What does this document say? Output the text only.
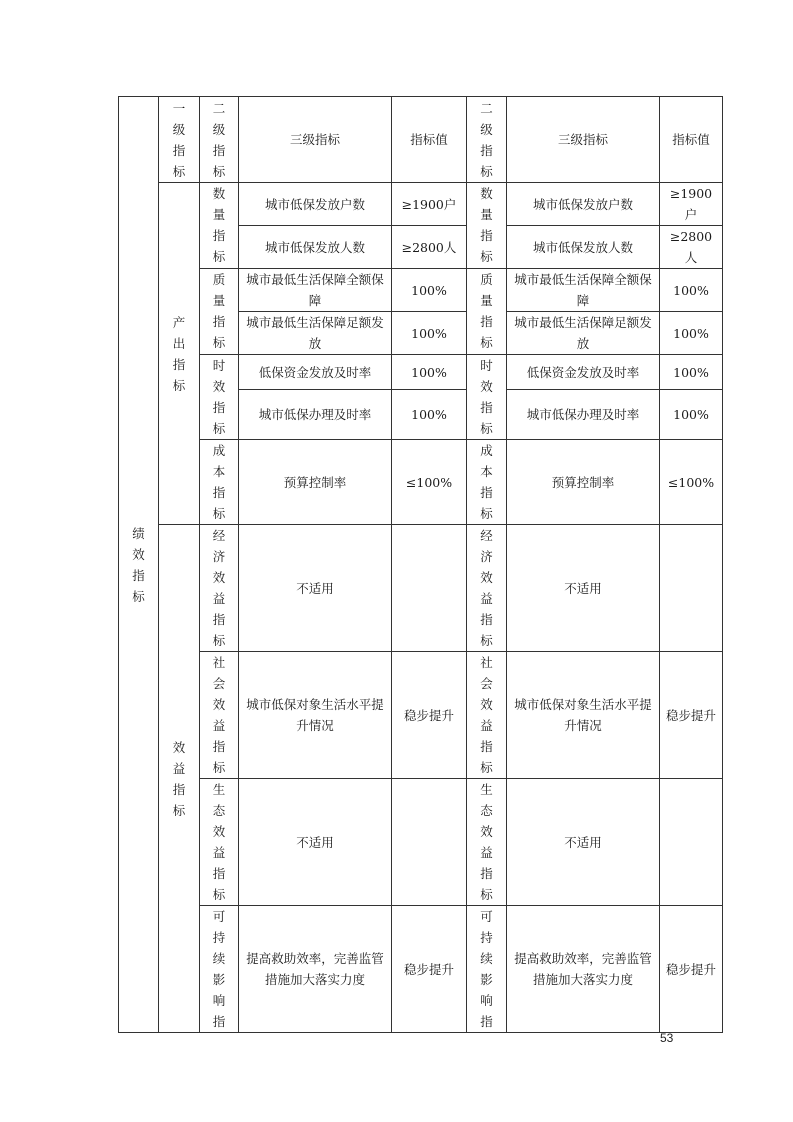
绩效指标	一级指标	二级指标	三级指标	指标值	二级指标	三级指标	指标值
	产出指标	数量指标	城市低保发放户数	≥1900户	数量指标	城市低保发放户数	≥1900户
			城市低保发放人数	≥2800人		城市低保发放人数	≥2800人
		质量指标	城市最低生活保障全额保障	100%	质量指标	城市最低生活保障全额保障	100%
			城市最低生活保障足额发放	100%		城市最低生活保障足额发放	100%
		时效指标	低保资金发放及时率	100%	时效指标	低保资金发放及时率	100%
			城市低保办理及时率	100%		城市低保办理及时率	100%
		成本指标	预算控制率	≤100%	成本指标	预算控制率	≤100%
	效益指标	经济效益指标	不适用		经济效益指标	不适用	
		社会效益指标	城市低保对象生活水平提升情况	稳步提升	社会效益指标	城市低保对象生活水平提升情况	稳步提升
		生态效益指标	不适用		生态效益指标	不适用	
		可持续影响指	提高救助效率，完善监管措施加大落实力度	稳步提升	可持续影响指	提高救助效率，完善监管措施加大落实力度	稳步提升
53
